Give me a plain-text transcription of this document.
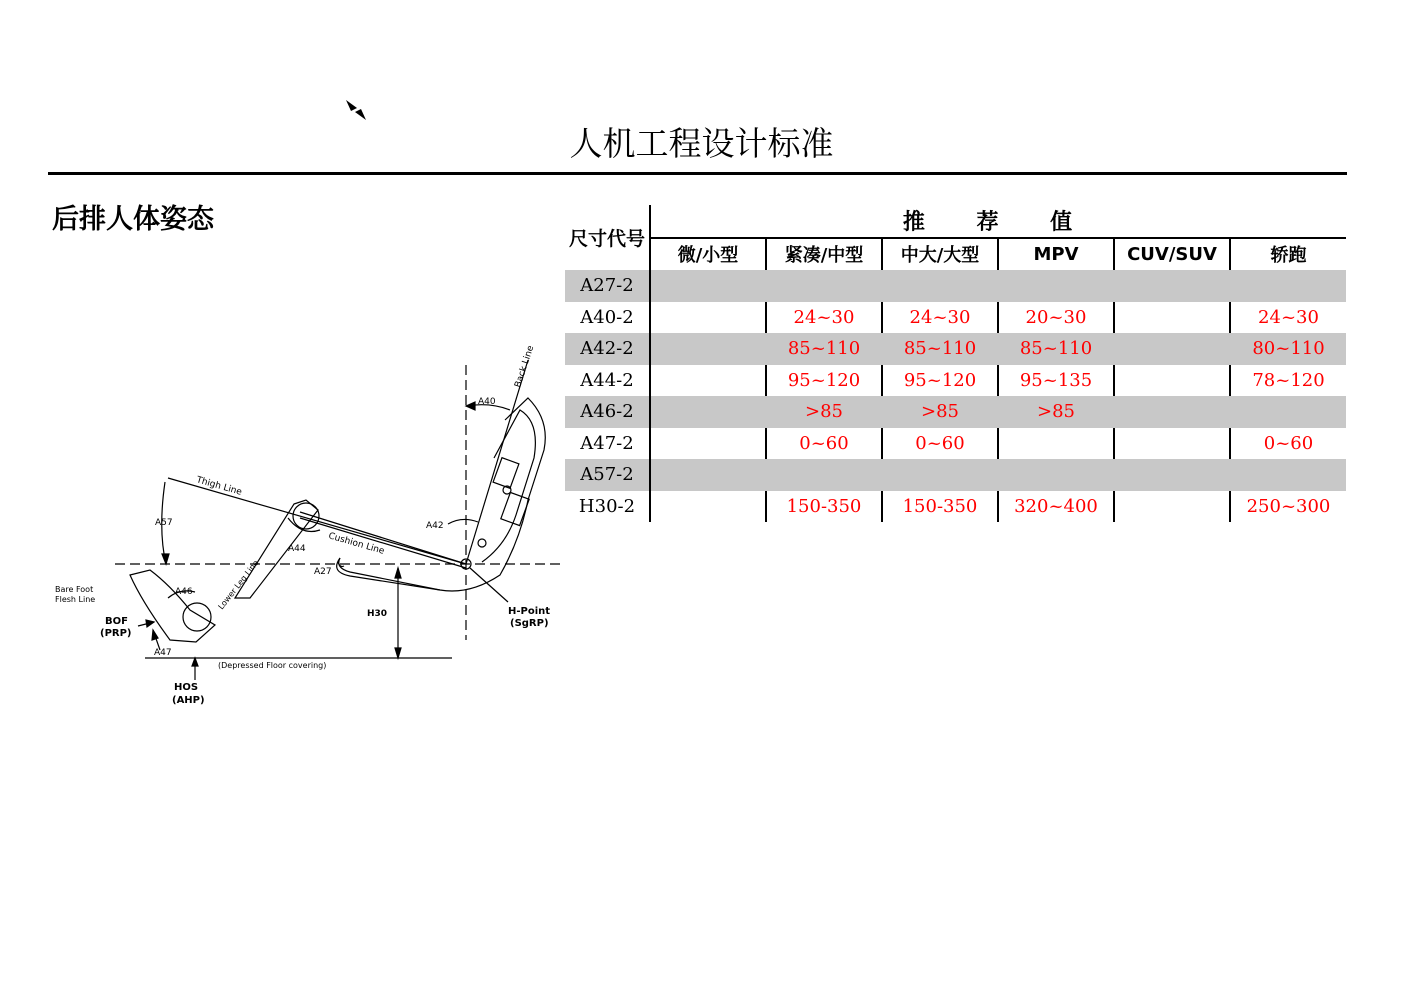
人机工程设计标准
后排人体姿态
Back Line
A40
Thigh Line
A57	A42
A44 Cushion Line
A27
Bare Foot
Flesh Line
A46	Lower Leg Line
BOF
(PRP)
H30	H-Point
(SgRP)
A47
(Depressed Floor covering)
HOS
(AHP)
尺寸代号	推 荐 值					
	微/小型	紧凑/中型	中大/大型	MPV	CUV/SUV	轿跑
A27-2						
A40-2		24~30	24~30	20~30		24~30
A42-2		85~110	85~110	85~110		80~110
A44-2		95~120	95~120	95~135		78~120
A46-2		>85	>85	>85		
A47-2		0~60	0~60			0~60
A57-2						
H30-2		150-350	150-350	320~400		250~300
